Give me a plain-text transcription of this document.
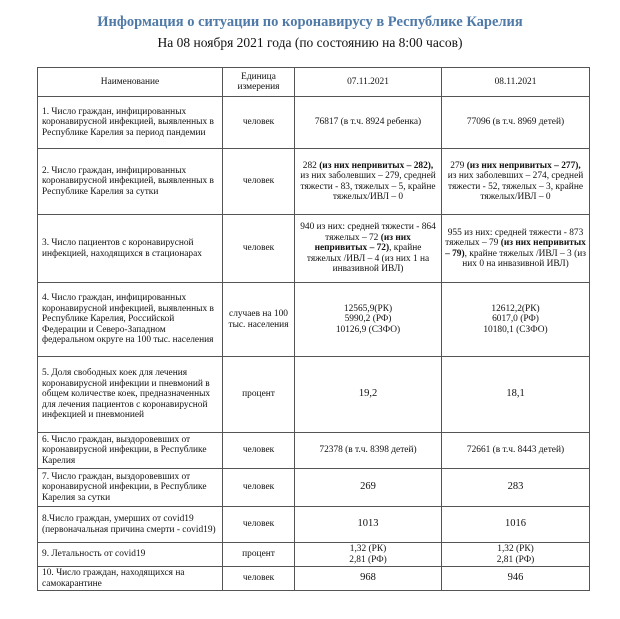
Информация о ситуации по коронавирусу в Республике Карелия
На 08 ноября 2021 года (по состоянию на 8:00 часов)
Наименование	Единица измерения	07.11.2021	08.11.2021
1. Число граждан, инфицированных коронавирусной инфекцией, выявленных в Республике Карелия за период пандемии	человек	76817 (в т.ч. 8924 ребенка)	77096 (в т.ч. 8969 детей)
2. Число граждан, инфицированных коронавирусной инфекцией, выявленных в Республике Карелия за сутки	человек	282 (из них непривитых – 282), из них заболевших – 279, средней тяжести - 83, тяжелых – 5, крайне тяжелых/ИВЛ – 0	279 (из них непривитых – 277), из них заболевших – 274, средней тяжести - 52, тяжелых – 3, крайне тяжелых/ИВЛ – 0
3. Число пациентов с коронавирусной инфекцией, находящихся в стационарах	человек	940 из них: средней тяжести - 864 тяжелых – 72 (из них непривитых – 72), крайне тяжелых /ИВЛ – 4 (из них 1 на инвазивной ИВЛ)	955 из них: средней тяжести - 873 тяжелых – 79 (из них непривитых – 79), крайне тяжелых /ИВЛ – 3 (из них 0 на инвазивной ИВЛ)
4. Число граждан, инфицированных коронавирусной инфекцией, выявленных в Республике Карелия, Российской Федерации и Северо-Западном федеральном округе на 100 тыс. населения	случаев на 100 тыс. населения	12565,9(РК)
5990,2 (РФ)
10126,9 (СЗФО)	12612,2(РК)
6017,0 (РФ)
10180,1 (СЗФО)
5. Доля свободных коек для лечения коронавирусной инфекции и пневмоний в общем количестве коек, предназначенных для лечения пациентов с коронавирусной инфекцией и пневмонией	процент	19,2	18,1
6. Число граждан, выздоровевших от коронавирусной инфекции, в Республике Карелия	человек	72378 (в т.ч. 8398 детей)	72661 (в т.ч. 8443 детей)
7. Число граждан, выздоровевших от коронавирусной инфекции, в Республике Карелия за сутки	человек	269	283
8.Число граждан, умерших от covid19 (первоначальная причина смерти - covid19)	человек	1013	1016
9. Летальность от covid19	процент	1,32 (РК)
2,81 (РФ)	1,32 (РК)
2,81 (РФ)
10. Число граждан, находящихся на самокарантине	человек	968	946
